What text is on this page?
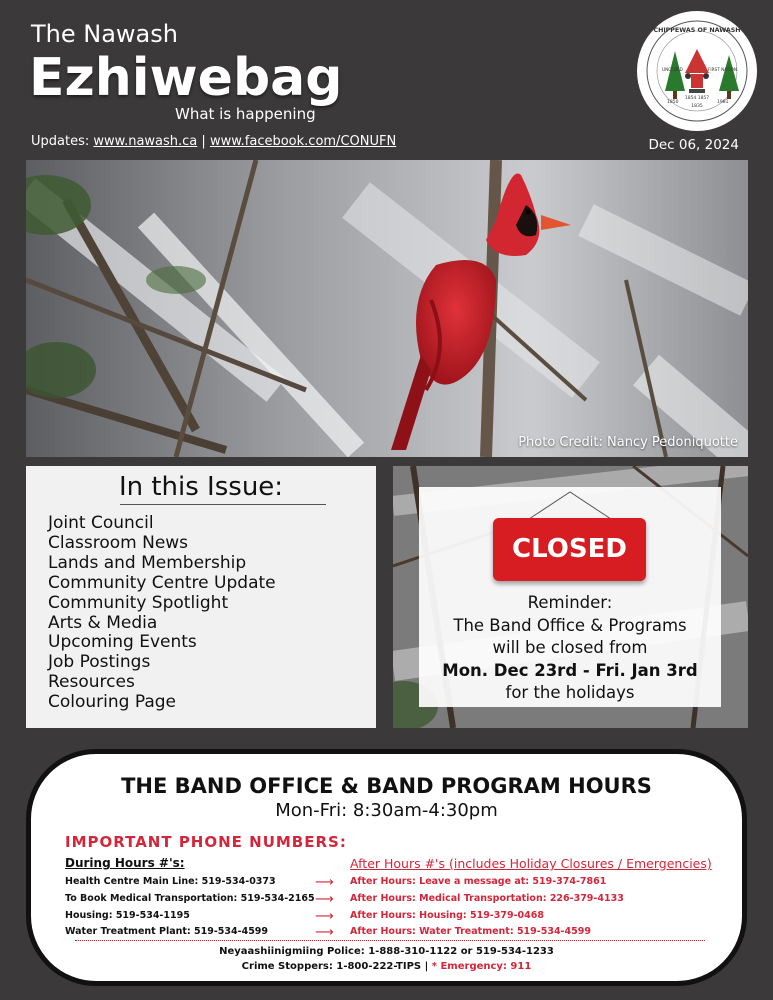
The Nawash
Ezhiwebag
What is happening
Updates: www.nawash.ca | www.facebook.com/CONUFN	Dec 06, 2024
CHIPPEWAS OF NAWASH
UNCEDED	FIRST NATION
1854 1857
1835
1850	1981
Photo Credit: Nancy Pedoniquotte
In this Issue:
Joint Council
Classroom News
Lands and Membership
Community Centre Update
Community Spotlight
Arts & Media
Upcoming Events
Job Postings
Resources
Colouring Page
CLOSED
Reminder:
The Band Office & Programs
will be closed from
Mon. Dec 23rd - Fri. Jan 3rd
for the holidays
THE BAND OFFICE & BAND PROGRAM HOURS
Mon-Fri: 8:30am-4:30pm
IMPORTANT PHONE NUMBERS:
During Hours #'s:	After Hours #'s (includes Holiday Closures / Emergencies)
Health Centre Main Line: 519-534-0373	⟶ After Hours: Leave a message at: 519-374-7861
To Book Medical Transportation: 519-534-2165 ⟶ After Hours: Medical Transportation: 226-379-4133
Housing: 519-534-1195	⟶ After Hours: Housing: 519-379-0468
Water Treatment Plant: 519-534-4599	⟶ After Hours: Water Treatment: 519-534-4599
Neyaashiinigmiing Police: 1-888-310-1122 or 519-534-1233
Crime Stoppers: 1-800-222-TIPS | * Emergency: 911
